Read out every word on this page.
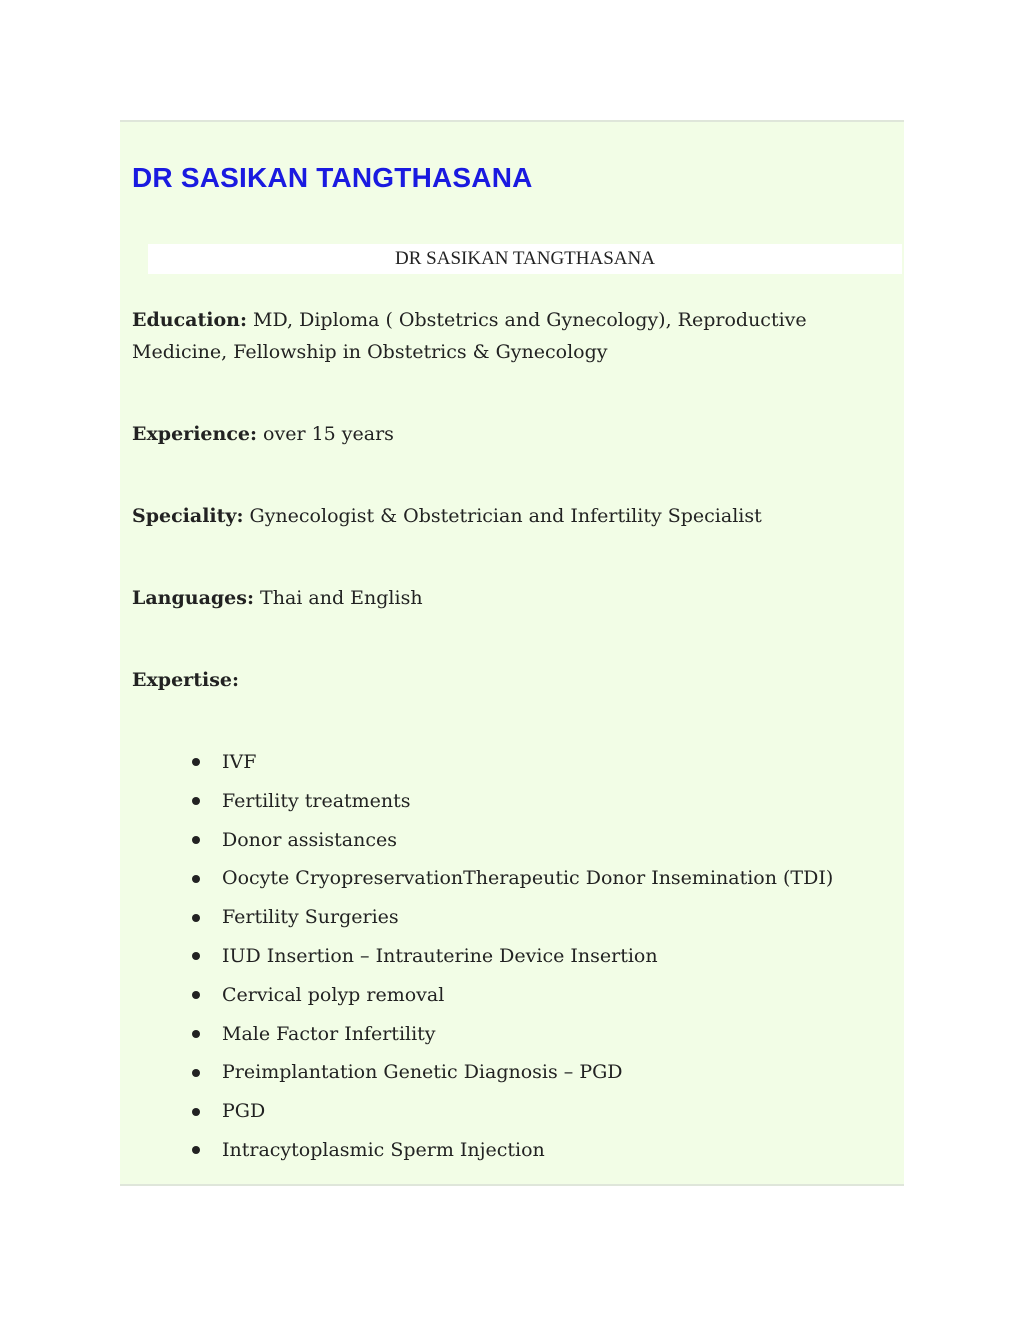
DR SASIKAN TANGTHASANA
DR SASIKAN TANGTHASANA

Education: MD, Diploma ( Obstetrics and Gynecology), Reproductive Medicine, Fellowship in Obstetrics & Gynecology

Experience: over 15 years

Speciality: Gynecologist & Obstetrician and Infertility Specialist

Languages: Thai and English

Expertise:

IVF
Fertility treatments
Donor assistances
Oocyte CryopreservationTherapeutic Donor Insemination (TDI)
Fertility Surgeries
IUD Insertion – Intrauterine Device Insertion
Cervical polyp removal
Male Factor Infertility
Preimplantation Genetic Diagnosis – PGD
PGD
Intracytoplasmic Sperm Injection
